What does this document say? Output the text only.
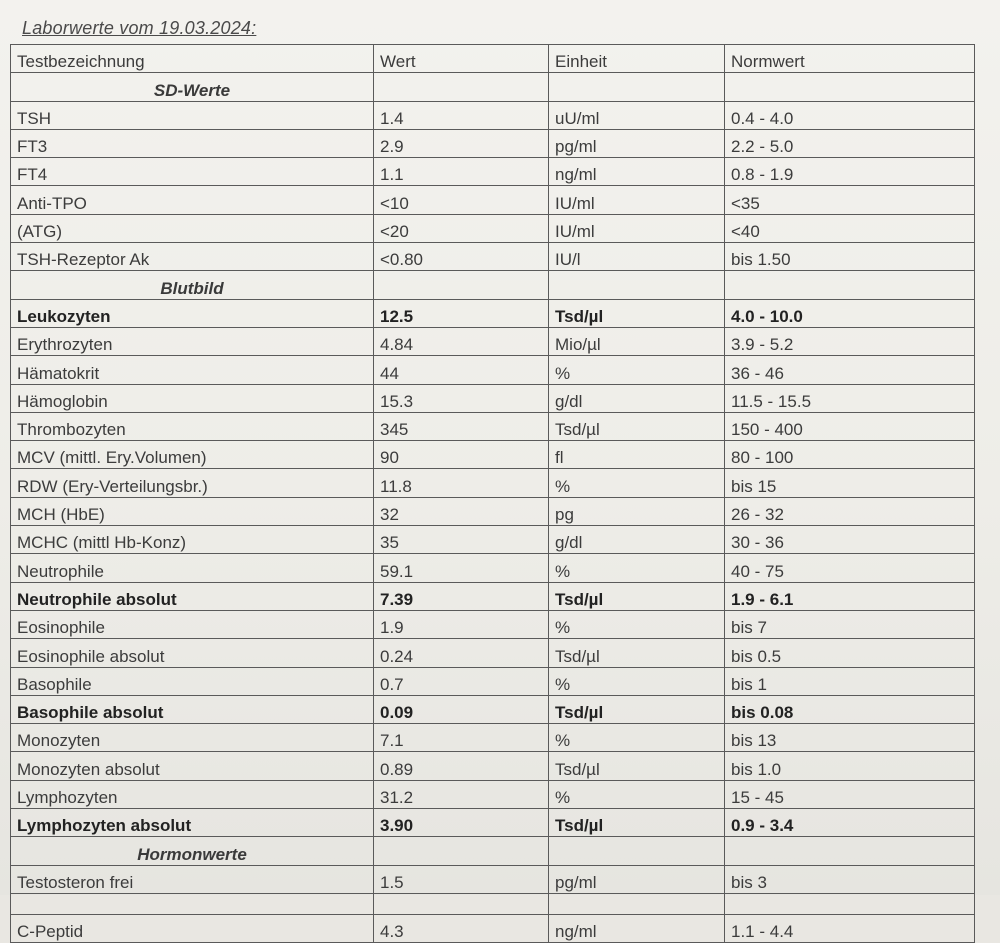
Laborwerte vom 19.03.2024:
Testbezeichnung	Wert	Einheit	Normwert
SD-Werte			
TSH	1.4	uU/ml	0.4 - 4.0
FT3	2.9	pg/ml	2.2 - 5.0
FT4	1.1	ng/ml	0.8 - 1.9
Anti-TPO	<10	IU/ml	<35
(ATG)	<20	IU/ml	<40
TSH-Rezeptor Ak	<0.80	IU/l	bis 1.50
Blutbild			
Leukozyten	12.5	Tsd/µl	4.0 - 10.0
Erythrozyten	4.84	Mio/µl	3.9 - 5.2
Hämatokrit	44	%	36 - 46
Hämoglobin	15.3	g/dl	11.5 - 15.5
Thrombozyten	345	Tsd/µl	150 - 400
MCV (mittl. Ery.Volumen)	90	fl	80 - 100
RDW (Ery-Verteilungsbr.)	11.8	%	bis 15
MCH (HbE)	32	pg	26 - 32
MCHC (mittl Hb-Konz)	35	g/dl	30 - 36
Neutrophile	59.1	%	40 - 75
Neutrophile absolut	7.39	Tsd/µl	1.9 - 6.1
Eosinophile	1.9	%	bis 7
Eosinophile absolut	0.24	Tsd/µl	bis 0.5
Basophile	0.7	%	bis 1
Basophile absolut	0.09	Tsd/µl	bis 0.08
Monozyten	7.1	%	bis 13
Monozyten absolut	0.89	Tsd/µl	bis 1.0
Lymphozyten	31.2	%	15 - 45
Lymphozyten absolut	3.90	Tsd/µl	0.9 - 3.4
Hormonwerte			
Testosteron frei	1.5	pg/ml	bis 3

C-Peptid	4.3	ng/ml	1.1 - 4.4
